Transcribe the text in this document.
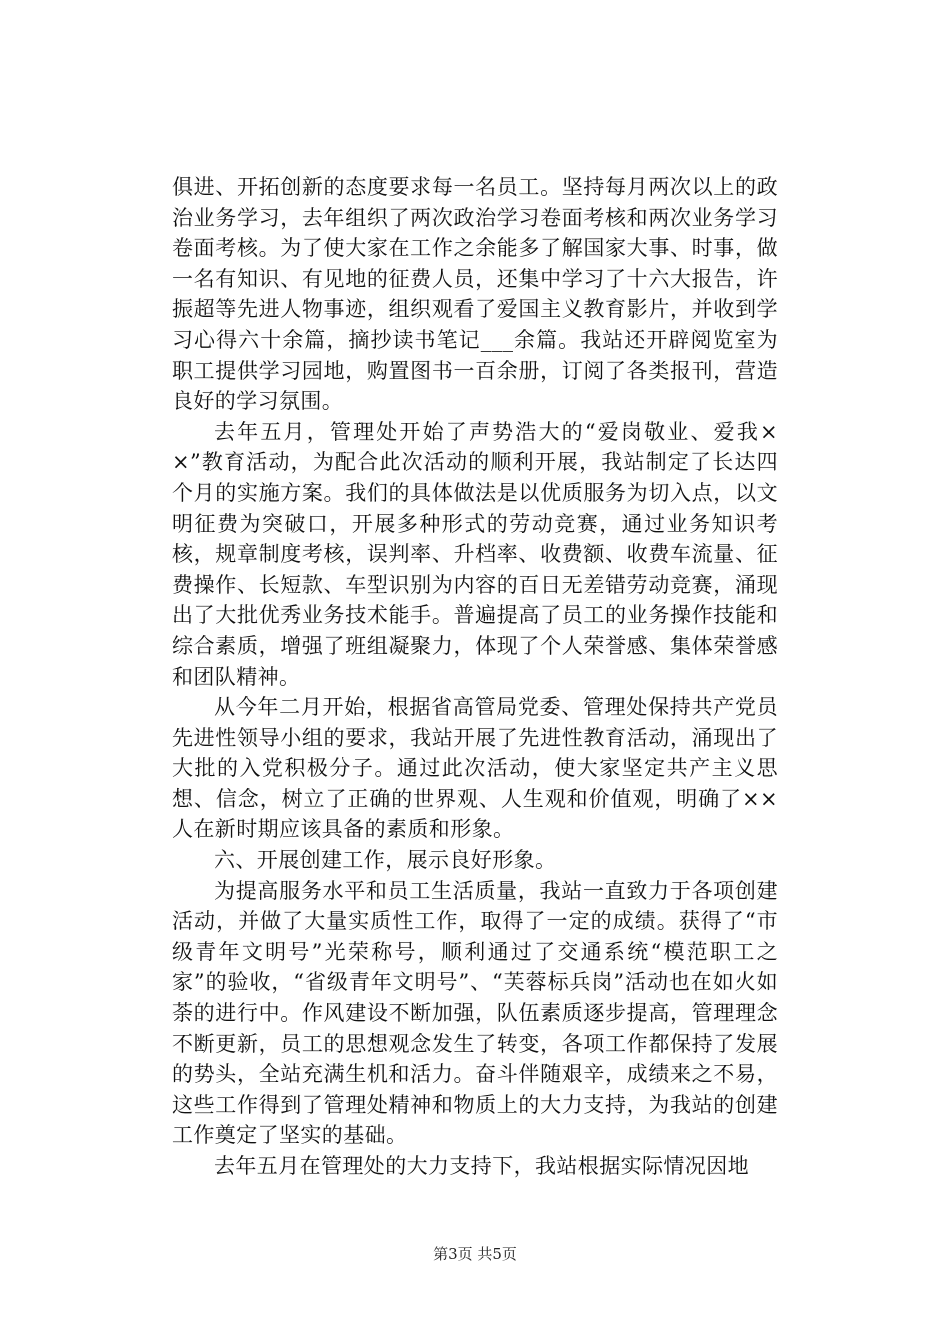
俱进、开拓创新的态度要求每一名员工。坚持每月两次以上的政治业务学习，去年组织了两次政治学习卷面考核和两次业务学习卷面考核。为了使大家在工作之余能多了解国家大事、时事，做一名有知识、有见地的征费人员，还集中学习了十六大报告，许振超等先进人物事迹，组织观看了爱国主义教育影片，并收到学习心得六十余篇，摘抄读书笔记___余篇。我站还开辟阅览室为职工提供学习园地，购置图书一百余册，订阅了各类报刊，营造良好的学习氛围。

去年五月，管理处开始了声势浩大的“爱岗敬业、爱我××”教育活动，为配合此次活动的顺利开展，我站制定了长达四个月的实施方案。我们的具体做法是以优质服务为切入点，以文明征费为突破口，开展多种形式的劳动竞赛，通过业务知识考核，规章制度考核，误判率、升档率、收费额、收费车流量、征费操作、长短款、车型识别为内容的百日无差错劳动竞赛，涌现出了大批优秀业务技术能手。普遍提高了员工的业务操作技能和综合素质，增强了班组凝聚力，体现了个人荣誉感、集体荣誉感和团队精神。

从今年二月开始，根据省高管局党委、管理处保持共产党员先进性领导小组的要求，我站开展了先进性教育活动，涌现出了大批的入党积极分子。通过此次活动，使大家坚定共产主义思想、信念，树立了正确的世界观、人生观和价值观，明确了××人在新时期应该具备的素质和形象。

六、开展创建工作，展示良好形象。

为提高服务水平和员工生活质量，我站一直致力于各项创建活动，并做了大量实质性工作，取得了一定的成绩。获得了“市级青年文明号”光荣称号，顺利通过了交通系统“模范职工之家”的验收，“省级青年文明号”、“芙蓉标兵岗”活动也在如火如荼的进行中。作风建设不断加强，队伍素质逐步提高，管理理念不断更新，员工的思想观念发生了转变，各项工作都保持了发展的势头，全站充满生机和活力。奋斗伴随艰辛，成绩来之不易，这些工作得到了管理处精神和物质上的大力支持，为我站的创建工作奠定了坚实的基础。

去年五月在管理处的大力支持下，我站根据实际情况因地

第3页 共5页
